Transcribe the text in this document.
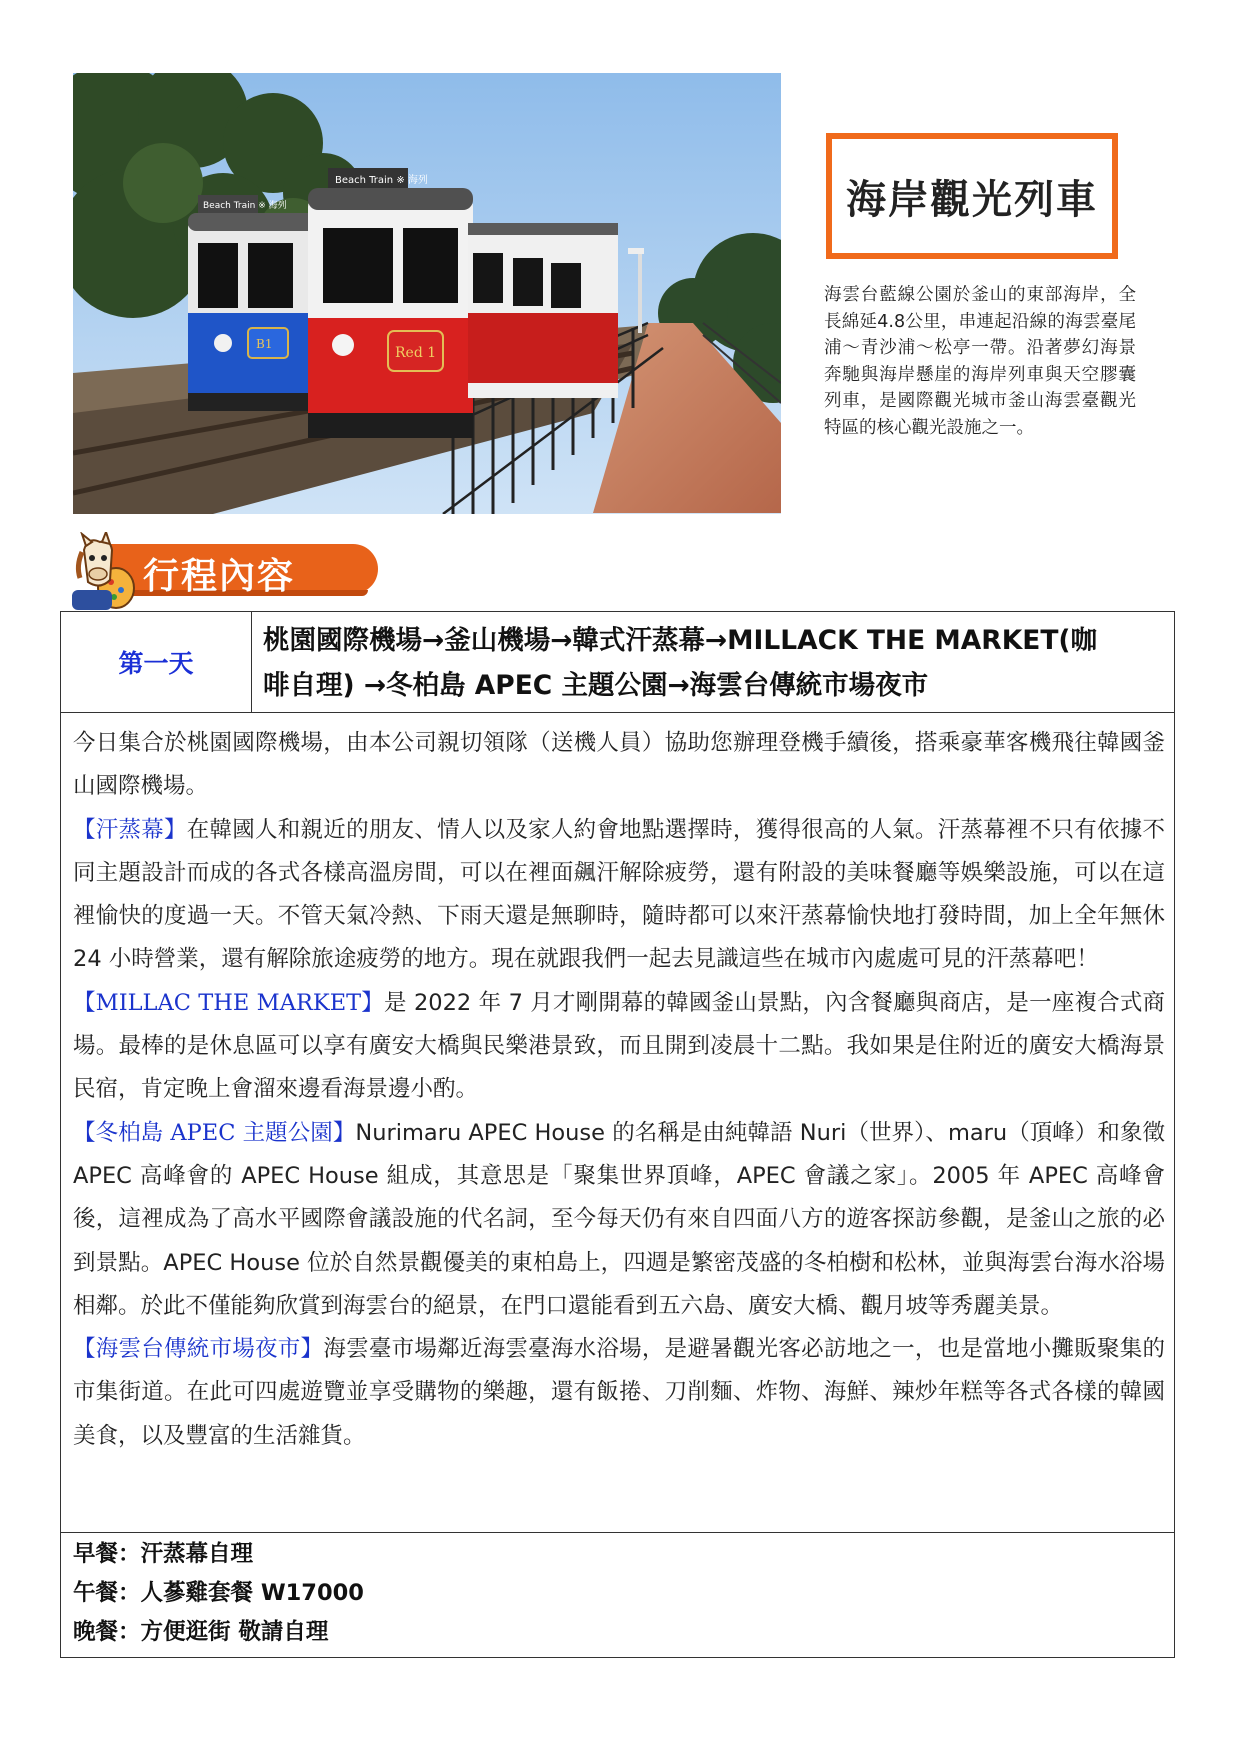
Beach Train ※ 海列
B1
Beach Train ※ 海列
Red 1
海岸觀光列車
海雲台藍線公園於釜山的東部海岸，全長綿延4.8公里，串連起沿線的海雲臺尾浦～青沙浦～松亭一帶。沿著夢幻海景奔馳與海岸懸崖的海岸列車與天空膠囊列車，是國際觀光城市釜山海雲臺觀光特區的核心觀光設施之一。
行程內容
第一天
桃園國際機場→釜山機場→韓式汗蒸幕→MILLACK THE MARKET(咖
啡自理) →冬柏島 APEC 主題公園→海雲台傳統市場夜市

今日集合於桃園國際機場，由本公司親切領隊（送機人員）協助您辦理登機手續後，搭乘豪華客機飛往韓國釜山國際機場。

【汗蒸幕】在韓國人和親近的朋友、情人以及家人約會地點選擇時，獲得很高的人氣。汗蒸幕裡不只有依據不同主題設計而成的各式各樣高溫房間，可以在裡面飆汗解除疲勞，還有附設的美味餐廳等娛樂設施，可以在這裡愉快的度過一天。不管天氣冷熱、下雨天還是無聊時，隨時都可以來汗蒸幕愉快地打發時間，加上全年無休 24 小時營業，還有解除旅途疲勞的地方。現在就跟我們一起去見識這些在城市內處處可見的汗蒸幕吧！

【MILLAC THE MARKET】是 2022 年 7 月才剛開幕的韓國釜山景點，內含餐廳與商店，是一座複合式商場。最棒的是休息區可以享有廣安大橋與民樂港景致，而且開到凌晨十二點。我如果是住附近的廣安大橋海景民宿，肯定晚上會溜來邊看海景邊小酌。

【冬柏島 APEC 主題公園】Nurimaru APEC House 的名稱是由純韓語 Nuri（世界）、maru（頂峰）和象徵 APEC 高峰會的 APEC House 組成，其意思是「聚集世界頂峰，APEC 會議之家」。2005 年 APEC 高峰會後，這裡成為了高水平國際會議設施的代名詞，至今每天仍有來自四面八方的遊客探訪參觀，是釜山之旅的必到景點。APEC House 位於自然景觀優美的東柏島上，四週是繁密茂盛的冬柏樹和松林，並與海雲台海水浴場相鄰。於此不僅能夠欣賞到海雲台的絕景，在門口還能看到五六島、廣安大橋、觀月坡等秀麗美景。

【海雲台傳統市場夜市】海雲臺市場鄰近海雲臺海水浴場，是避暑觀光客必訪地之一，也是當地小攤販聚集的市集街道。在此可四處遊覽並享受購物的樂趣，還有飯捲、刀削麵、炸物、海鮮、辣炒年糕等各式各樣的韓國美食，以及豐富的生活雜貨。

早餐：汗蒸幕自理
午餐：人蔘雞套餐 W17000
晚餐：方便逛街 敬請自理
